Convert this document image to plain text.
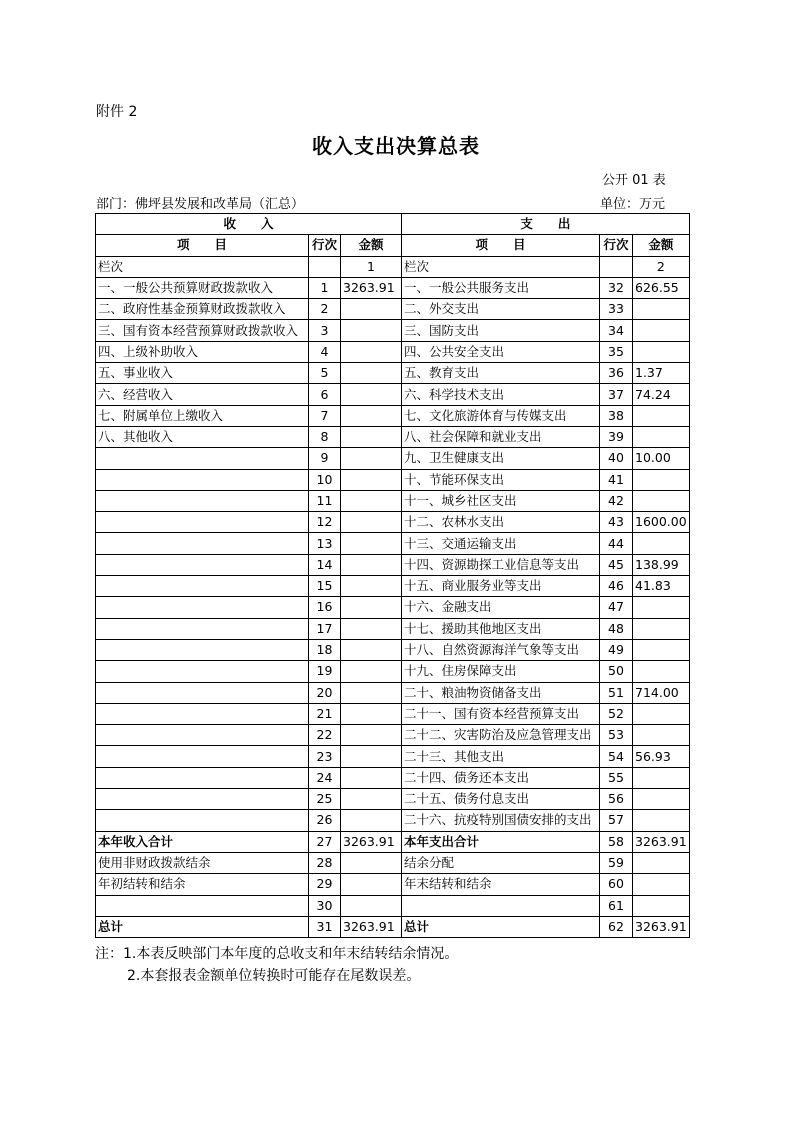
附件 2
收入支出决算总表
公开 01 表
部门：佛坪县发展和改革局（汇总）	单位：万元
收　　入			支　　出		
项　　目	行次	金额	项　　目	行次	金额
栏次		1	栏次		2
一、一般公共预算财政拨款收入	1	3263.91	一、一般公共服务支出	32	626.55
二、政府性基金预算财政拨款收入	2		二、外交支出	33	
三、国有资本经营预算财政拨款收入	3		三、国防支出	34	
四、上级补助收入	4		四、公共安全支出	35	
五、事业收入	5		五、教育支出	36	1.37
六、经营收入	6		六、科学技术支出	37	74.24
七、附属单位上缴收入	7		七、文化旅游体育与传媒支出	38	
八、其他收入	8		八、社会保障和就业支出	39	
	9		九、卫生健康支出	40	10.00
	10		十、节能环保支出	41	
	11		十一、城乡社区支出	42	
	12		十二、农林水支出	43	1600.00
	13		十三、交通运输支出	44	
	14		十四、资源勘探工业信息等支出	45	138.99
	15		十五、商业服务业等支出	46	41.83
	16		十六、金融支出	47	
	17		十七、援助其他地区支出	48	
	18		十八、自然资源海洋气象等支出	49	
	19		十九、住房保障支出	50	
	20		二十、粮油物资储备支出	51	714.00
	21		二十一、国有资本经营预算支出	52	
	22		二十二、灾害防治及应急管理支出	53	
	23		二十三、其他支出	54	56.93
	24		二十四、债务还本支出	55	
	25		二十五、债务付息支出	56	
	26		二十六、抗疫特别国债安排的支出	57	
本年收入合计	27	3263.91	本年支出合计	58	3263.91
使用非财政拨款结余	28		结余分配	59	
年初结转和结余	29		年末结转和结余	60	
	30			61	
总计	31	3263.91	总计	62	3263.91
注：1.本表反映部门本年度的总收支和年末结转结余情况。
2.本套报表金额单位转换时可能存在尾数误差。
